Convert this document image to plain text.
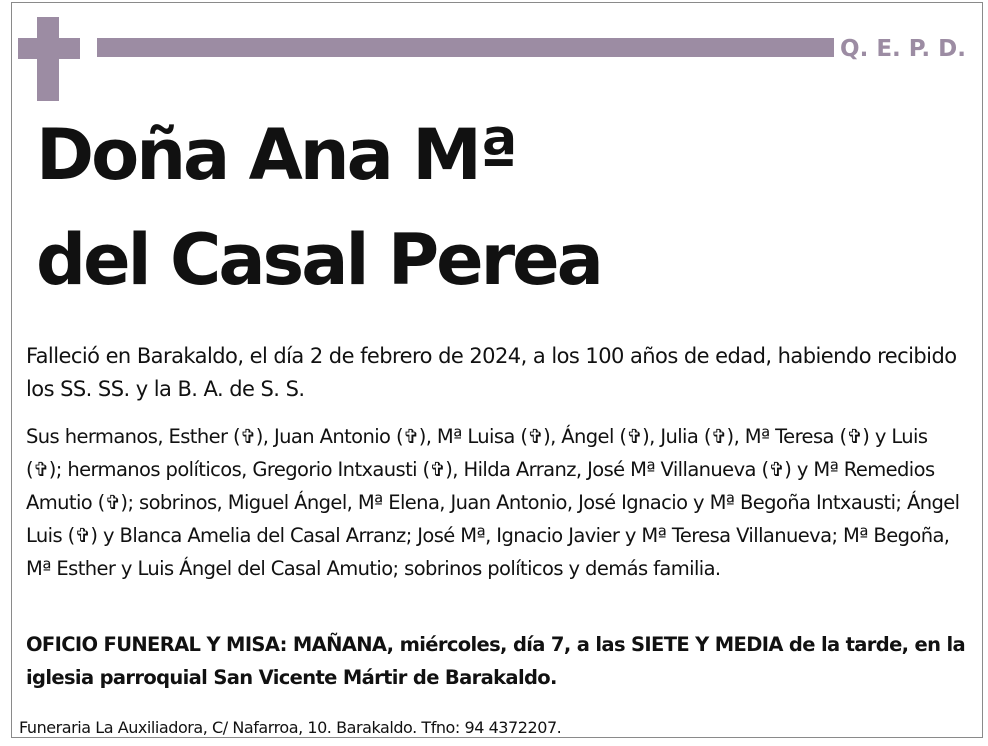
Q. E. P. D.
Doña Ana Mª
del Casal Perea

Falleció en Barakaldo, el día 2 de febrero de 2024, a los 100 años de edad, habiendo recibido los SS. SS. y la B. A. de S. S.

Sus hermanos, Esther (✞), Juan Antonio (✞), Mª Luisa (✞), Ángel (✞), Julia (✞), Mª Teresa (✞) y Luis (✞); hermanos políticos, Gregorio Intxausti (✞), Hilda Arranz, José Mª Villanueva (✞) y Mª Remedios Amutio (✞); sobrinos, Miguel Ángel, Mª Elena, Juan Antonio, José Ignacio y Mª Begoña Intxausti; Ángel Luis (✞) y Blanca Amelia del Casal Arranz; José Mª, Ignacio Javier y Mª Teresa Villanueva; Mª Begoña, Mª Esther y Luis Ángel del Casal Amutio; sobrinos políticos y demás familia.

OFICIO FUNERAL Y MISA: MAÑANA, miércoles, día 7, a las SIETE Y MEDIA de la tarde, en la iglesia parroquial San Vicente Mártir de Barakaldo.

Funeraria La Auxiliadora, C/ Nafarroa, 10. Barakaldo. Tfno: 94 4372207.
